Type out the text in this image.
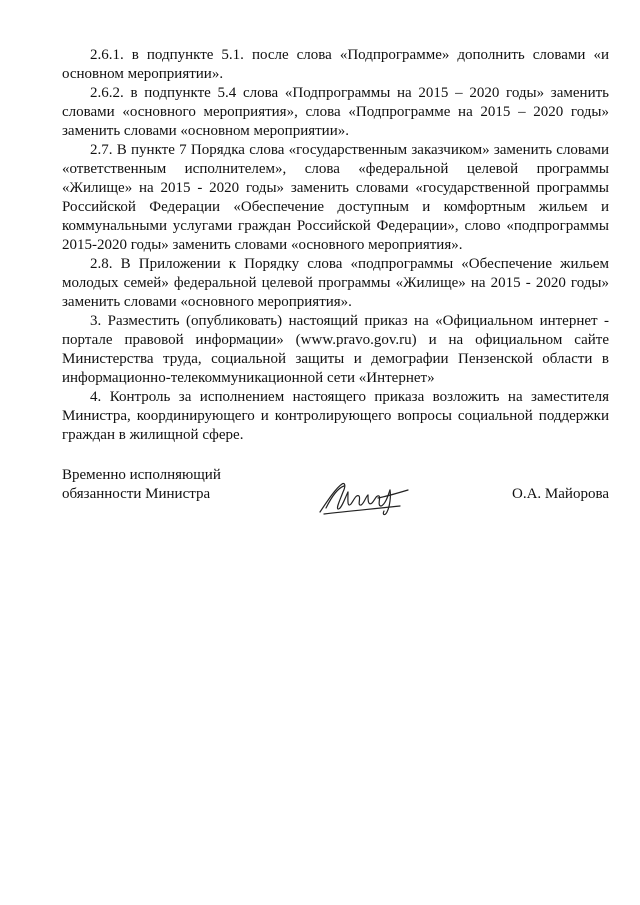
2.6.1. в подпункте 5.1. после слова «Подпрограмме» дополнить словами «и основном мероприятии».

2.6.2. в подпункте 5.4 слова «Подпрограммы на 2015 – 2020 годы» заменить словами «основного мероприятия», слова «Подпрограмме на 2015 – 2020 годы» заменить словами «основном мероприятии».

2.7. В пункте 7 Порядка слова «государственным заказчиком» заменить словами «ответственным исполнителем», слова «федеральной целевой программы «Жилище» на 2015 - 2020 годы» заменить словами «государственной программы Российской Федерации «Обеспечение доступным и комфортным жильем и коммунальными услугами граждан Российской Федерации», слово «подпрограммы 2015-2020 годы» заменить словами «основного мероприятия».

2.8. В Приложении к Порядку слова «подпрограммы «Обеспечение жильем молодых семей» федеральной целевой программы «Жилище» на 2015 - 2020 годы» заменить словами «основного мероприятия».

3. Разместить (опубликовать) настоящий приказ на «Официальном интернет - портале правовой информации» (www.pravo.gov.ru) и на официальном сайте Министерства труда, социальной защиты и демографии Пензенской области в информационно-телекоммуникационной сети «Интернет»

4. Контроль за исполнением настоящего приказа возложить на заместителя Министра, координирующего и контролирующего вопросы социальной поддержки граждан в жилищной сфере.

Временно исполняющий
обязанности Министра	О.А. Майорова
